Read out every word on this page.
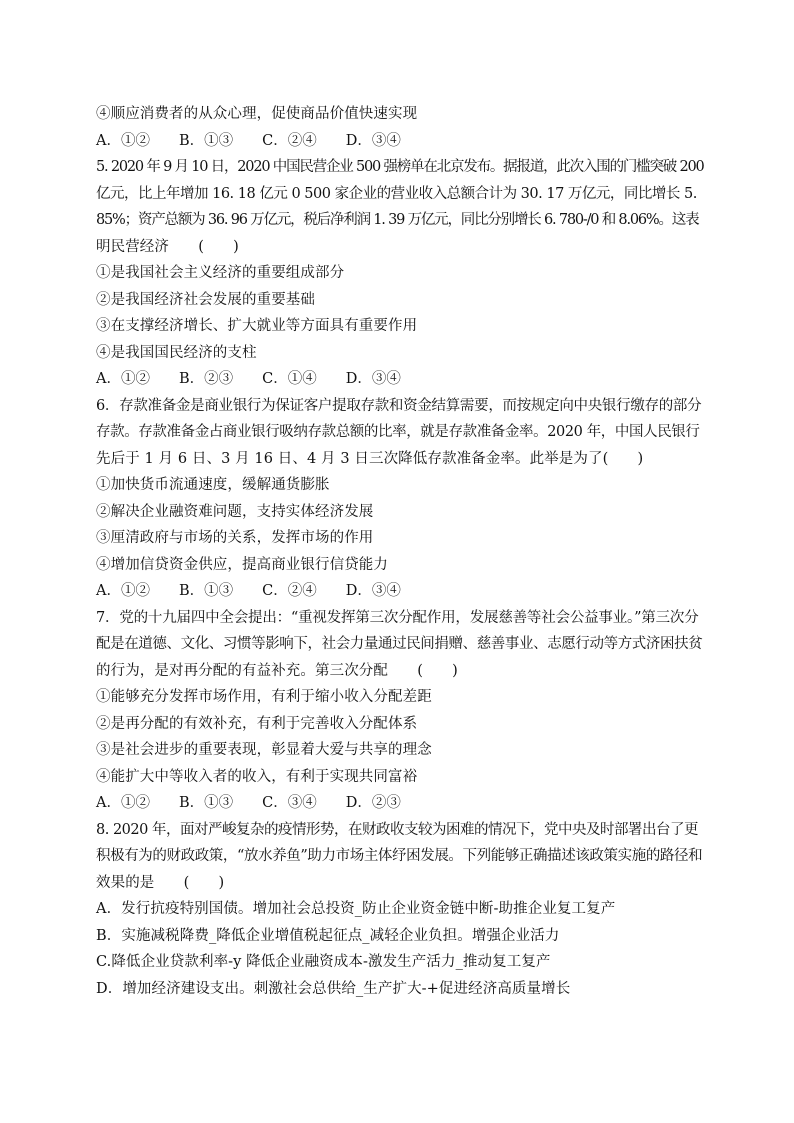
④顺应消费者的从众心理，促使商品价值快速实现
A．①②　　B．①③　　C．②④　　D．③④
5. 2020 年 9 月 10 日，2020 中国民营企业 500 强榜单在北京发布。据报道，此次入围的门槛突破 200
亿元，比上年增加 16. 18 亿元 0 500 家企业的营业收入总额合计为 30. 17 万亿元，同比增长 5.
85%；资产总额为 36. 96 万亿元，税后净利润 1. 39 万亿元，同比分别增长 6. 780-/0 和 8.06%。这表
明民营经济　　(　　)
①是我国社会主义经济的重要组成部分
②是我国经济社会发展的重要基础
③在支撑经济增长、扩大就业等方面具有重要作用
④是我国国民经济的支柱
A．①②　　B．②③　　C．①④　　D．③④
6．存款准备金是商业银行为保证客户提取存款和资金结算需要，而按规定向中央银行缴存的部分
存款。存款准备金占商业银行吸纳存款总额的比率，就是存款准备金率。2020 年，中国人民银行
先后于 1 月 6 日、3 月 16 日、4 月 3 日三次降低存款准备金率。此举是为了(　　)
①加快货币流通速度，缓解通货膨胀
②解决企业融资难问题，支持实体经济发展
③厘清政府与市场的关系，发挥市场的作用
④增加信贷资金供应，提高商业银行信贷能力
A．①②　　B．①③　　C．②④　　D．③④
7．党的十九届四中全会提出：“重视发挥第三次分配作用，发展慈善等社会公益事业。”第三次分
配是在道德、文化、习惯等影响下，社会力量通过民间捐赠、慈善事业、志愿行动等方式济困扶贫
的行为，是对再分配的有益补充。第三次分配　　(　　)
①能够充分发挥市场作用，有利于缩小收入分配差距
②是再分配的有效补充，有利于完善收入分配体系
③是社会进步的重要表现，彰显着大爱与共享的理念
④能扩大中等收入者的收入，有利于实现共同富裕
A．①②　　B．①③　　C．③④　　D．②③
8. 2020 年，面对严峻复杂的疫情形势，在财政收支较为困难的情况下，党中央及时部署出台了更
积极有为的财政政策，“放水养鱼”助力市场主体纾困发展。下列能够正确描述该政策实施的路径和
效果的是　　(　　)
A．发行抗疫特别国债。增加社会总投资_防止企业资金链中断-助推企业复工复产
B．实施减税降费_降低企业增值税起征点_减轻企业负担。增强企业活力
C.降低企业贷款利率-y 降低企业融资成本-激发生产活力_推动复工复产
D．增加经济建设支出。刺激社会总供给_生产扩大-+促进经济高质量增长
